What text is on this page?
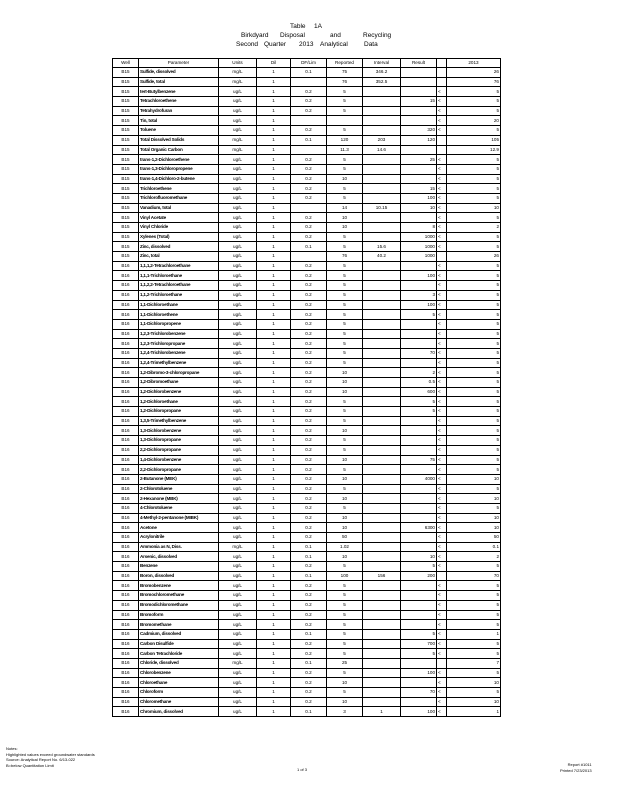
Table 1A
Birkdyard Disposal	and	Recycling
Second Quarter 2013 Analytical Data
Well	Parameter	Units	Dil	DF/Lim	Reported	Interval	Result		2013
B15	Sulfide, dissolved	mg/L	1	0.1	75	346.2			26
B15	Sulfide, total	mg/L	1		76	352.5			76
B15	tert-Butylbenzene	ug/L	1	0.2	5			<	5
B15	Tetrachloroethene	ug/L	1	0.2	5		15	<	5
B15	Tetrahydrofuran	ug/L	1	0.2	5			<	5
B15	Tin, total	ug/L	1					<	20
B15	Toluene	ug/L	1	0.2	5		320	<	5
B15	Total Dissolved Solids	mg/L	1	0.1	120	203	120		105
B15	Total Organic Carbon	mg/L	1		11.3	14.6			12.9
B15	trans-1,2-Dichloroethene	ug/L	1	0.2	5		25	<	5
B15	trans-1,3-Dichloropropene	ug/L	1	0.2	5			<	5
B15	trans-1,4-Dichloro-2-butene	ug/L	1	0.2	10			<	5
B15	Trichloroethene	ug/L	1	0.2	5		15	<	5
B15	Trichlorofluoromethane	ug/L	1	0.2	5		100	<	5
B15	Vanadium, total	ug/L	1		14	10.15	10	<	10
B15	Vinyl Acetate	ug/L	1	0.2	10			<	5
B15	Vinyl Chloride	ug/L	1	0.2	10		8	<	2
B15	Xylenes (Total)	ug/L	1	0.2	5		1000	<	5
B15	Zinc, dissolved	ug/L	1	0.1	5	15.6	1000	<	5
B15	Zinc, total	ug/L	1		76	40.2	1000		26
B16	1,1,1,2-Tetrachloroethane	ug/L	1	0.2	5			<	5
B16	1,1,1-Trichloroethane	ug/L	1	0.2	5		100	<	5
B16	1,1,2,2-Tetrachloroethane	ug/L	1	0.2	5			<	5
B16	1,1,2-Trichloroethane	ug/L	1	0.2	5		3	<	5
B16	1,1-Dichloroethane	ug/L	1	0.2	5		100	<	5
B16	1,1-Dichloroethene	ug/L	1	0.2	5		5	<	5
B16	1,1-Dichloropropene	ug/L	1	0.2	5			<	5
B16	1,2,3-Trichlorobenzene	ug/L	1	0.2	5			<	5
B16	1,2,3-Trichloropropane	ug/L	1	0.2	5			<	5
B16	1,2,4-Trichlorobenzene	ug/L	1	0.2	5		70	<	5
B16	1,2,4-Trimethylbenzene	ug/L	1	0.2	5			<	5
B16	1,2-Dibromo-3-chloropropane	ug/L	1	0.2	10		2	<	5
B16	1,2-Dibromoethane	ug/L	1	0.2	10		0.5	<	5
B16	1,2-Dichlorobenzene	ug/L	1	0.2	10		600	<	5
B16	1,2-Dichloroethane	ug/L	1	0.2	5		5	<	5
B16	1,2-Dichloropropane	ug/L	1	0.2	5		5	<	5
B16	1,3,5-Trimethylbenzene	ug/L	1	0.2	5			<	5
B16	1,3-Dichlorobenzene	ug/L	1	0.2	10			<	5
B16	1,3-Dichloropropane	ug/L	1	0.2	5			<	5
B16	2,2-Dichloropropane	ug/L	1	0.2	5			<	5
B16	1,4-Dichlorobenzene	ug/L	1	0.2	10		75	<	5
B16	2,2-Dichloropropane	ug/L	1	0.2	5			<	5
B16	2-Butanone (MEK)	ug/L	1	0.2	10		4000	<	10
B16	2-Chlorotoluene	ug/L	1	0.2	5			<	5
B16	2-Hexanone (MBK)	ug/L	1	0.2	10			<	10
B16	4-Chlorotoluene	ug/L	1	0.2	5			<	5
B16	4-Methyl-2-pentanone (MIBK)	ug/L	1	0.2	10			<	10
B16	Acetone	ug/L	1	0.2	10		6300	<	10
B16	Acrylonitrile	ug/L	1	0.2	50			<	50
B16	Ammonia as N, Diss.	mg/L	1	0.1	1.02			<	0.1
B16	Arsenic, dissolved	ug/L	1	0.1	10		10	<	2
B16	Benzene	ug/L	1	0.2	5		5	<	5
B16	Boron, dissolved	ug/L	1	0.1	100	156	200		70
B16	Bromobenzene	ug/L	1	0.2	5			<	5
B16	Bromochloromethane	ug/L	1	0.2	5			<	5
B16	Bromodichloromethane	ug/L	1	0.2	5			<	5
B16	Bromoform	ug/L	1	0.2	5			<	5
B16	Bromomethane	ug/L	1	0.2	5			<	5
B16	Cadmium, dissolved	ug/L	1	0.1	5		5	<	1
B16	Carbon Disulfide	ug/L	1	0.2	5		700	<	5
B16	Carbon Tetrachloride	ug/L	1	0.2	5		5	<	5
B16	Chloride, dissolved	mg/L	1	0.1	25				7
B16	Chlorobenzene	ug/L	1	0.2	5		100	<	5
B16	Chloroethane	ug/L	1	0.2	10			<	10
B16	Chloroform	ug/L	1	0.2	5		70	<	5
B16	Chloromethane	ug/L	1	0.2	10			<	10
B16	Chromium, dissolved	ug/L	1	0.1	3	1	100	<	1
Notes:
Highlighted values exceed groundwater standards
Source: Analytical Report No. 6/13-022
B=below Quantitation Limit
1 of 3
Report #1011
Printed 7/23/2013
